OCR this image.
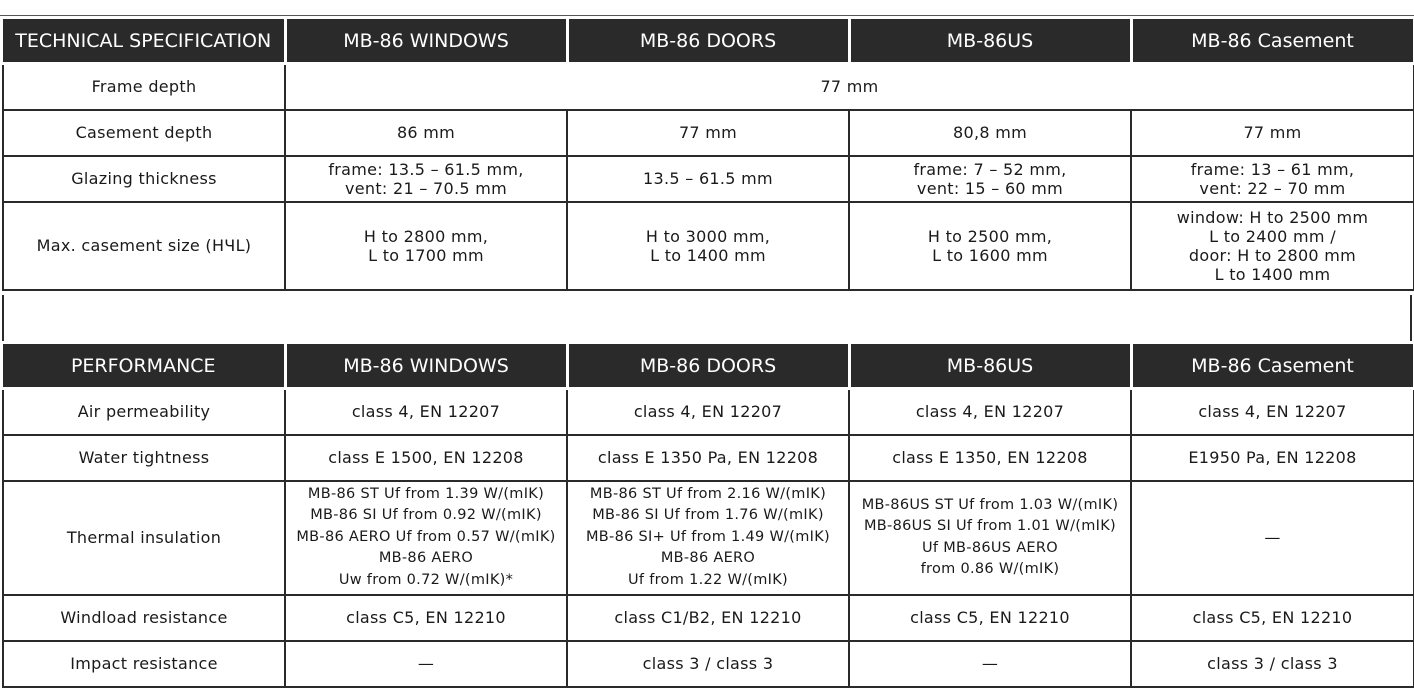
TECHNICAL SPECIFICATION	MB-86 WINDOWS	MB-86 DOORS	MB-86US	MB-86 Casement
Frame depth	77 mm			
Casement depth	86 mm	77 mm	80,8 mm	77 mm
Glazing thickness	frame: 13.5 – 61.5 mm,
vent: 21 – 70.5 mm	13.5 – 61.5 mm	frame: 7 – 52 mm,
vent: 15 – 60 mm	frame: 13 – 61 mm,
vent: 22 – 70 mm
Max. casement size (HЧL)	H to 2800 mm,
L to 1700 mm	H to 3000 mm,
L to 1400 mm	H to 2500 mm,
L to 1600 mm	window: H to 2500 mm
L to 2400 mm /
door: H to 2800 mm
L to 1400 mm
PERFORMANCE	MB-86 WINDOWS	MB-86 DOORS	MB-86US	MB-86 Casement
Air permeability	class 4, EN 12207	class 4, EN 12207	class 4, EN 12207	class 4, EN 12207
Water tightness	class E 1500, EN 12208	class E 1350 Pa, EN 12208	class E 1350, EN 12208	E1950 Pa, EN 12208
Thermal insulation	MB-86 ST Uf from 1.39 W/(mIK)
MB-86 SI Uf from 0.92 W/(mIK)
MB-86 AERO Uf from 0.57 W/(mIK)
MB-86 AERO
Uw from 0.72 W/(mIK)*	MB-86 ST Uf from 2.16 W/(mIK)
MB-86 SI Uf from 1.76 W/(mIK)
MB-86 SI+ Uf from 1.49 W/(mIK)
MB-86 AERO
Uf from 1.22 W/(mIK)	MB-86US ST Uf from 1.03 W/(mIK)
MB-86US SI Uf from 1.01 W/(mIK)
Uf MB-86US AERO
from 0.86 W/(mIK)	—
Windload resistance	class C5, EN 12210	class C1/B2, EN 12210	class C5, EN 12210	class C5, EN 12210
Impact resistance	—	class 3 / class 3	—	class 3 / class 3
